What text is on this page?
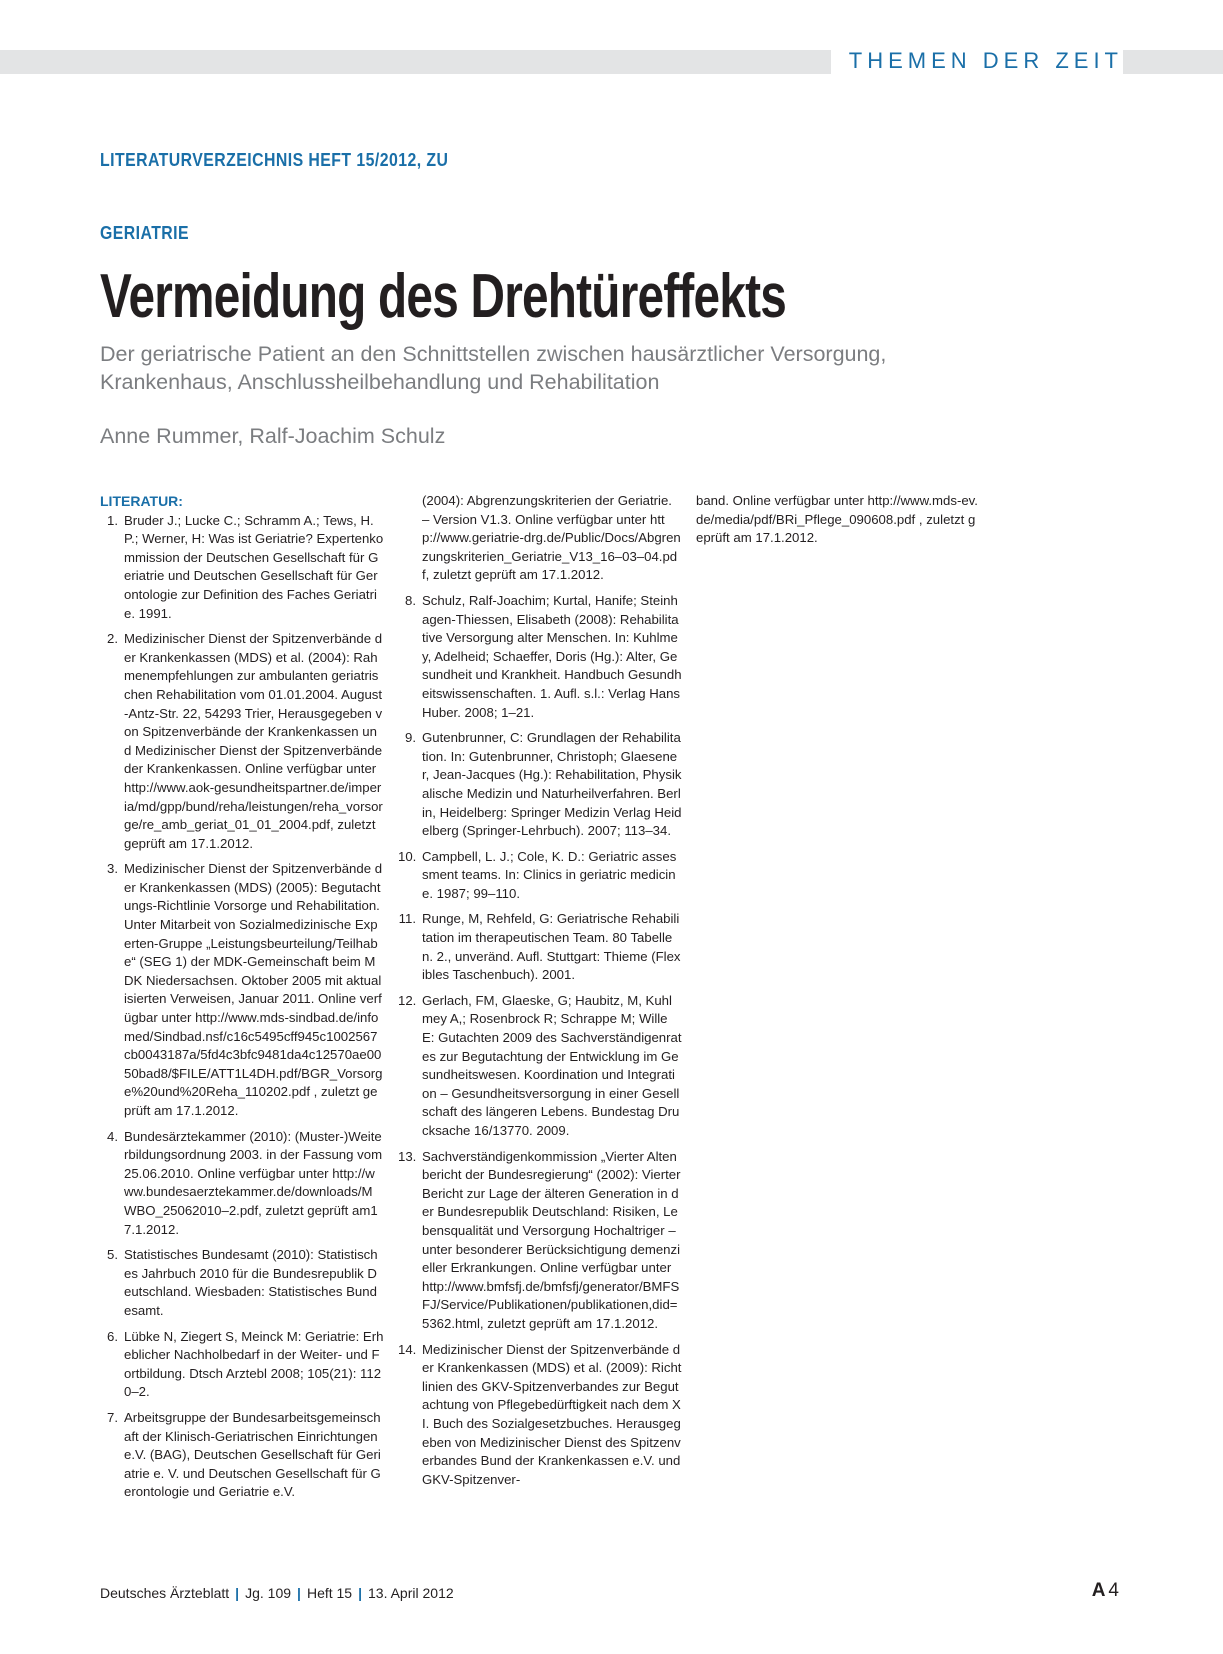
THEMEN DER ZEIT
LITERATURVERZEICHNIS HEFT 15/2012, ZU
GERIATRIE
Vermeidung des Drehtüreffekts

Der geriatrische Patient an den Schnittstellen zwischen hausärztlicher Versorgung, Krankenhaus, Anschlussheilbehandlung und Rehabilitation

Anne Rummer, Ralf-Joachim Schulz
LITERATUR:
1. Bruder J.; Lucke C.; Schramm A.; Tews, H. P.; Werner, H: Was ist Geriatrie? Expertenkommission der Deutschen Gesellschaft für Geriatrie und Deutschen Gesellschaft für Gerontologie zur Definition des Faches Geriatrie. 1991.
2. Medizinischer Dienst der Spitzenverbände der Krankenkassen (MDS) et al. (2004): Rahmenempfehlungen zur ambulanten geriatrischen Rehabilitation vom 01.01.2004. August-Antz-Str. 22, 54293 Trier, Herausgegeben von Spitzenverbände der Krankenkassen und Medizinischer Dienst der Spitzenverbände der Krankenkassen. Online verfügbar unter http://www.aok-gesundheitspartner.de/imperia/md/gpp/bund/reha/leistungen/reha_vorsorge/re_amb_geriat_01_01_2004.pdf, zuletzt geprüft am 17.1.2012.
3. Medizinischer Dienst der Spitzenverbände der Krankenkassen (MDS) (2005): Begutachtungs-Richtlinie Vorsorge und Rehabilitation. Unter Mitarbeit von Sozialmedizinische Experten-Gruppe „Leistungsbeurteilung/Teilhabe“ (SEG 1) der MDK-Gemeinschaft beim MDK Niedersachsen. Oktober 2005 mit aktualisierten Verweisen, Januar 2011. Online verfügbar unter http://www.mds-sindbad.de/infomed/Sindbad.nsf/c16c5495cff945c1002567cb0043187a/5fd4c3bfc9481da4c12570ae0050bad8/$FILE/ATT1L4DH.pdf/BGR_Vorsorge%20und%20Reha_110202.pdf , zuletzt geprüft am 17.1.2012.
4. Bundesärztekammer (2010): (Muster-)Weiterbildungsordnung 2003. in der Fassung vom 25.06.2010. Online verfügbar unter http://www.bundesaerztekammer.de/downloads/MWBO_25062010–2.pdf, zuletzt geprüft am17.1.2012.
5. Statistisches Bundesamt (2010): Statistisches Jahrbuch 2010 für die Bundesrepublik Deutschland. Wiesbaden: Statistisches Bundesamt.
6. Lübke N, Ziegert S, Meinck M: Geriatrie: Erheblicher Nachholbedarf in der Weiter- und Fortbildung. Dtsch Arztebl 2008; 105(21): 1120–2.
7. Arbeitsgruppe der Bundesarbeitsgemeinschaft der Klinisch-Geriatrischen Einrichtungen e.V. (BAG), Deutschen Gesellschaft für Geriatrie e. V. und Deutschen Gesellschaft für Gerontologie und Geriatrie e.V.
(2004): Abgrenzungskriterien der Geriatrie. – Version V1.3. Online verfügbar unter http://www.geriatrie-drg.de/Public/Docs/Abgrenzungskriterien_Geriatrie_V13_16–03–04.pdf, zuletzt geprüft am 17.1.2012.
8. Schulz, Ralf-Joachim; Kurtal, Hanife; Steinhagen-Thiessen, Elisabeth (2008): Rehabilitative Versorgung alter Menschen. In: Kuhlmey, Adelheid; Schaeffer, Doris (Hg.): Alter, Gesundheit und Krankheit. Handbuch Gesundheitswissenschaften. 1. Aufl. s.l.: Verlag Hans Huber. 2008; 1–21.
9. Gutenbrunner, C: Grundlagen der Rehabilitation. In: Gutenbrunner, Christoph; Glaesener, Jean-Jacques (Hg.): Rehabilitation, Physikalische Medizin und Naturheilverfahren. Berlin, Heidelberg: Springer Medizin Verlag Heidelberg (Springer-Lehrbuch). 2007; 113–34.
10. Campbell, L. J.; Cole, K. D.: Geriatric assessment teams. In: Clinics in geriatric medicine. 1987; 99–110.
11. Runge, M, Rehfeld, G: Geriatrische Rehabilitation im therapeutischen Team. 80 Tabellen. 2., unveränd. Aufl. Stuttgart: Thieme (Flexibles Taschenbuch). 2001.
12. Gerlach, FM, Glaeske, G; Haubitz, M, Kuhlmey A,; Rosenbrock R; Schrappe M; Wille E: Gutachten 2009 des Sachverständigenrates zur Begutachtung der Entwicklung im Gesundheitswesen. Koordination und Integration – Gesundheitsversorgung in einer Gesellschaft des längeren Lebens. Bundestag Drucksache 16/13770. 2009.
13. Sachverständigenkommission „Vierter Altenbericht der Bundesregierung“ (2002): Vierter Bericht zur Lage der älteren Generation in der Bundesrepublik Deutschland: Risiken, Lebensqualität und Versorgung Hochaltriger – unter besonderer Berücksichtigung demenzieller Erkrankungen. Online verfügbar unter http://www.bmfsfj.de/bmfsfj/generator/BMFSFJ/Service/Publikationen/publikationen,did=5362.html, zuletzt geprüft am 17.1.2012.
14. Medizinischer Dienst der Spitzenverbände der Krankenkassen (MDS) et al. (2009): Richtlinien des GKV-Spitzenverbandes zur Begutachtung von Pflegebedürftigkeit nach dem XI. Buch des Sozialgesetzbuches. Herausgegeben von Medizinischer Dienst des Spitzenverbandes Bund der Krankenkassen e.V. und GKV-Spitzenver-
band. Online verfügbar unter http://www.mds-ev.de/media/pdf/BRi_Pflege_090608.pdf , zuletzt geprüft am 17.1.2012.
Deutsches Ärzteblatt | Jg. 109 | Heft 15 | 13. April 2012	A 4
